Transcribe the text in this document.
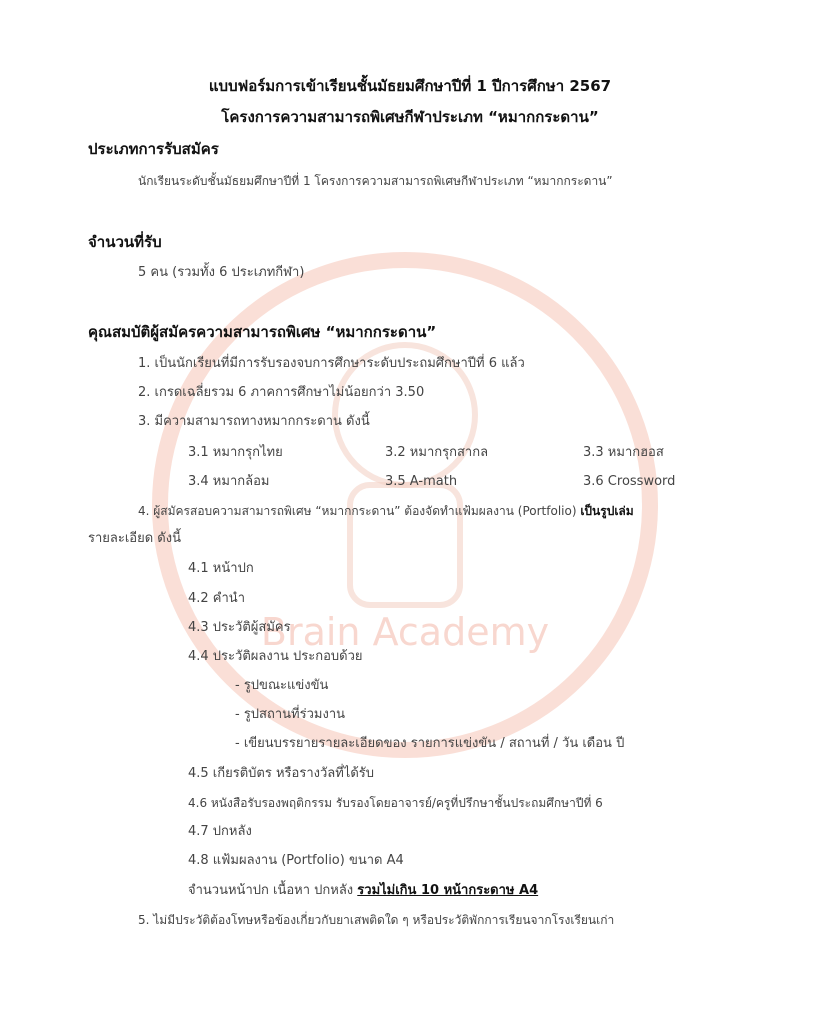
Brain Academy
แบบฟอร์มการเข้าเรียนชั้นมัธยมศึกษาปีที่ 1 ปีการศึกษา 2567
โครงการความสามารถพิเศษกีฬาประเภท “หมากกระดาน”
ประเภทการรับสมัคร
นักเรียนระดับชั้นมัธยมศึกษาปีที่ 1 โครงการความสามารถพิเศษกีฬาประเภท “หมากกระดาน”
จำนวนที่รับ
5 คน (รวมทั้ง 6 ประเภทกีฬา)
คุณสมบัติผู้สมัครความสามารถพิเศษ “หมากกระดาน”
1. เป็นนักเรียนที่มีการรับรองจบการศึกษาระดับประถมศึกษาปีที่ 6 แล้ว
2. เกรดเฉลี่ยรวม 6 ภาคการศึกษาไม่น้อยกว่า 3.50
3. มีความสามารถทางหมากกระดาน ดังนี้
3.1 หมากรุกไทย	3.2 หมากรุกสากล	3.3 หมากฮอส
3.4 หมากล้อม	3.5 A-math	3.6 Crossword
4. ผู้สมัครสอบความสามารถพิเศษ “หมากกระดาน” ต้องจัดทำแฟ้มผลงาน (Portfolio) เป็นรูปเล่ม
รายละเอียด ดังนี้
4.1 หน้าปก
4.2 คำนำ
4.3 ประวัติผู้สมัคร
4.4 ประวัติผลงาน ประกอบด้วย
- รูปขณะแข่งขัน
- รูปสถานที่ร่วมงาน
- เขียนบรรยายรายละเอียดของ รายการแข่งขัน / สถานที่ / วัน เดือน ปี
4.5 เกียรติบัตร หรือรางวัลที่ได้รับ
4.6 หนังสือรับรองพฤติกรรม รับรองโดยอาจารย์/ครูที่ปรึกษาชั้นประถมศึกษาปีที่ 6
4.7 ปกหลัง
4.8 แฟ้มผลงาน (Portfolio) ขนาด A4
จำนวนหน้าปก เนื้อหา ปกหลัง รวมไม่เกิน 10 หน้ากระดาษ A4
5. ไม่มีประวัติต้องโทษหรือข้องเกี่ยวกับยาเสพติดใด ๆ หรือประวัติพักการเรียนจากโรงเรียนเก่า
